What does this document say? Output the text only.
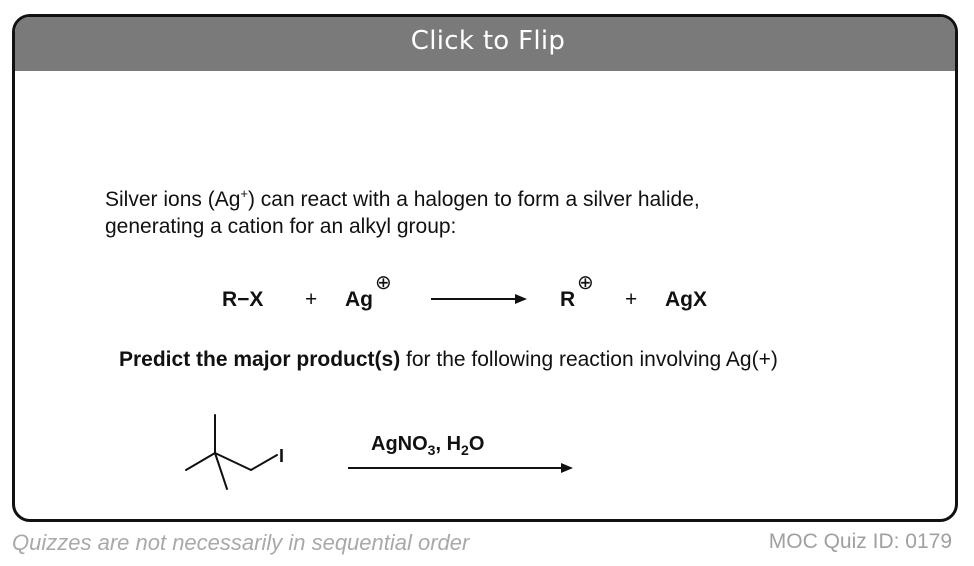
Click to Flip
Silver ions (Ag+) can react with a halogen to form a silver halide,
generating a cation for an alkyl group:
Predict the major product(s) for the following reaction involving Ag(+)
R−X + Ag
⊕
R
⊕
+ AgX
I
AgNO$_3$, $H_2O$
Quizzes are not necessarily in sequential order	MOC Quiz ID: 0179
